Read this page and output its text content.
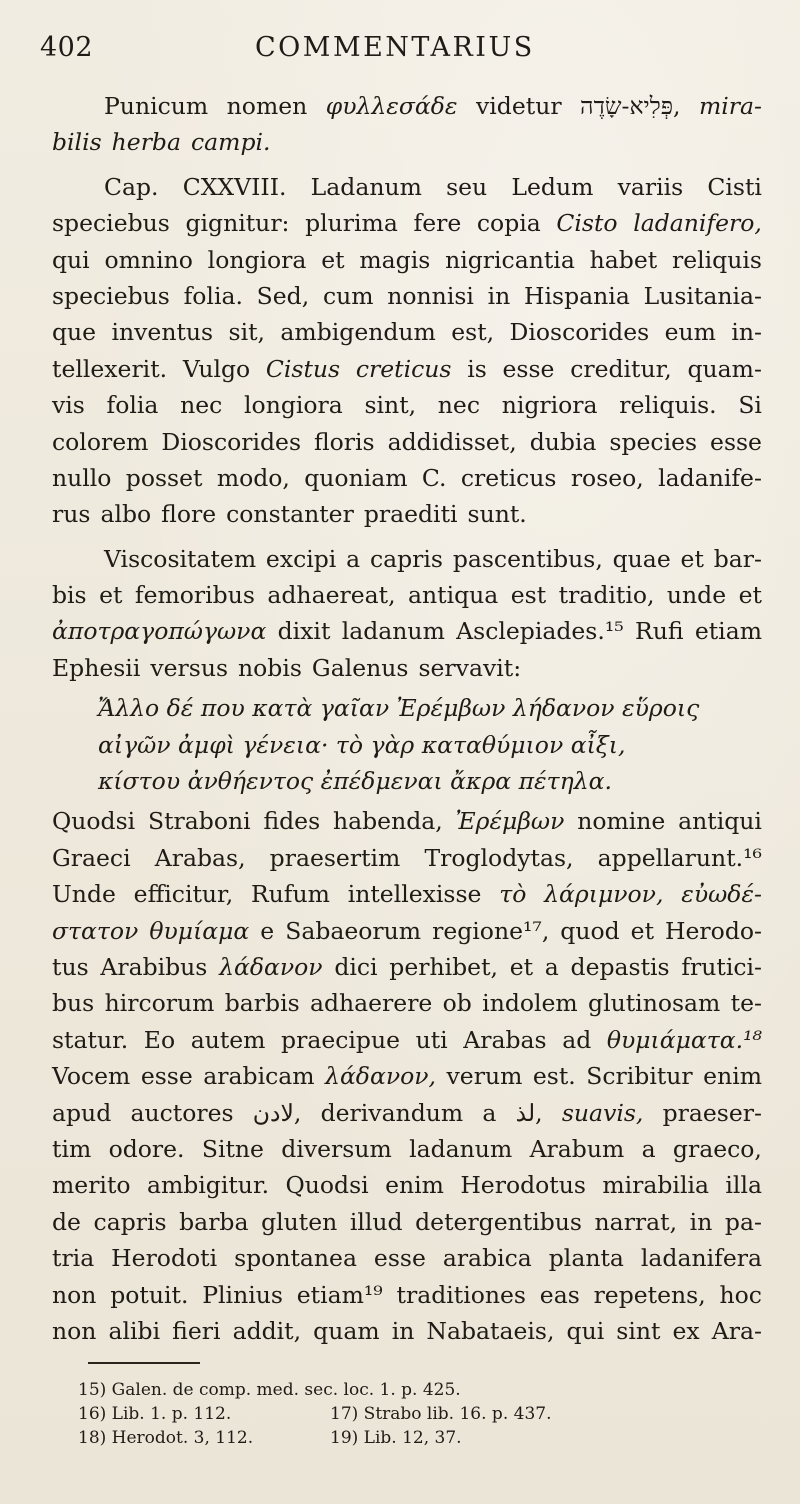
402	COMMENTARIUS
Punicum nomen φυλλεσάδε videtur פְּלִיא-שָׂדֶה, mira-
bilis herba campi.
Cap. CXXVIII. Ladanum seu Ledum variis Cisti
speciebus gignitur: plurima fere copia Cisto ladanifero,
qui omnino longiora et magis nigricantia habet reliquis
speciebus folia. Sed, cum nonnisi in Hispania Lusitania-
que inventus sit, ambigendum est, Dioscorides eum in-
tellexerit. Vulgo Cistus creticus is esse creditur, quam-
vis folia nec longiora sint, nec nigriora reliquis. Si
colorem Dioscorides floris addidisset, dubia species esse
nullo posset modo, quoniam C. creticus roseo, ladanife-
rus albo flore constanter praediti sunt.
Viscositatem excipi a capris pascentibus, quae et bar-
bis et femoribus adhaereat, antiqua est traditio, unde et
ἀποτραγοπώγωνα dixit ladanum Asclepiades.¹⁵ Rufi etiam
Ephesii versus nobis Galenus servavit:
Ἄλλο δέ που κατὰ γαῖαν Ἐρέμβων λήδανον εὕροις
αἰγῶν ἀμφὶ γένεια· τὸ γὰρ καταθύμιον αἶξι,
κίστου ἀνθήεντος ἐπέδμεναι ἄκρα πέτηλα.
Quodsi Straboni fides habenda, Ἐρέμβων nomine antiqui
Graeci Arabas, praesertim Troglodytas, appellarunt.¹⁶
Unde efficitur, Rufum intellexisse τὸ λάριμνον, εὐωδέ-
στατον θυμίαμα e Sabaeorum regione¹⁷, quod et Herodo-
tus Arabibus λάδανον dici perhibet, et a depastis frutici-
bus hircorum barbis adhaerere ob indolem glutinosam te-
statur. Eo autem praecipue uti Arabas ad θυμιάματα.¹⁸
Vocem esse arabicam λάδανον, verum est. Scribitur enim
apud auctores لادن, derivandum a لذ, suavis, praeser-
tim odore. Sitne diversum ladanum Arabum a graeco,
merito ambigitur. Quodsi enim Herodotus mirabilia illa
de capris barba gluten illud detergentibus narrat, in pa-
tria Herodoti spontanea esse arabica planta ladanifera
non potuit. Plinius etiam¹⁹ traditiones eas repetens, hoc
non alibi fieri addit, quam in Nabataeis, qui sint ex Ara-
15) Galen. de comp. med. sec. loc. 1. p. 425.
16) Lib. 1. p. 112.	17) Strabo lib. 16. p. 437.
18) Herodot. 3, 112.	19) Lib. 12, 37.
